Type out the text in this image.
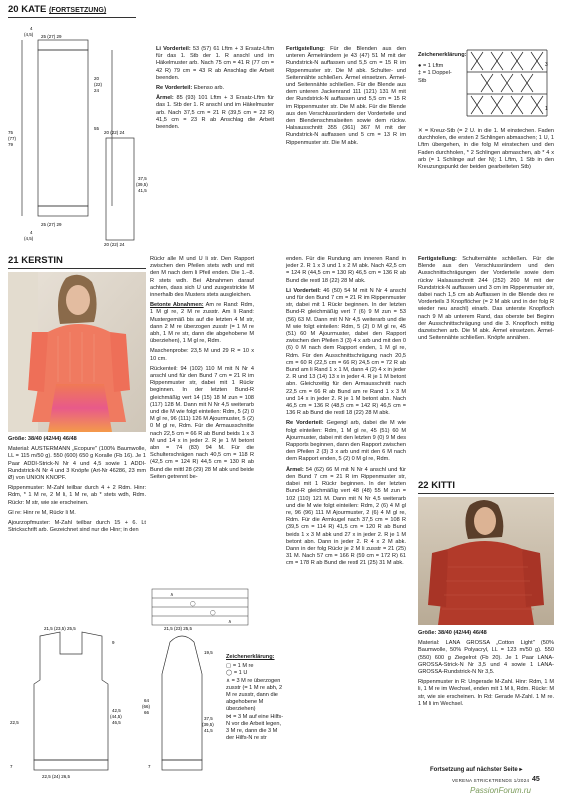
20 KATE (FORTSETZUNG)
4
(4,5) 25 (27) 29
75
(77)
79
55
20
(22)
24
25 (27) 29
4
(4,5)
20 (22) 24
37,5
(39,5)
41,5
20 (22) 24

Li Vorderteil: 53 (57) 61 Lftm + 3 Ersatz-Lftm für das 1. Stb der 1. R anschl und im Häkelmuster arb. Nach 75 cm = 41 R (77 cm = 42 R) 79 cm = 43 R ab Anschlag die Arbeit beenden.

Re Vorderteil: Ebenso arb.

Ärmel: 85 (93) 101 Lftm + 3 Ersatz-Lftm für das 1. Stb der 1. R anschl und im Häkelmuster arb. Nach 37,5 cm = 21 R (39,5 cm = 22 R) 41,5 cm = 23 R ab Anschlag die Arbeit beenden.

Fertigstellung: Für die Blenden aus den unteren Ärmelrändern je 43 (47) 51 M mit der Rundstrick-N auffassen und 5,5 cm = 15 R im Rippenmuster str. Die M abk. Schulter- und Seitennähte schließen. Ärmel einsetzen. Ärmel- und Seitennähte schließen. Für die Blende aus dem unteren Jackenrand 111 (121) 131 M mit der Rundstrick-N auffassen und 5,5 cm = 15 R im Rippenmuster str. Die M abk. Für die Blende aus den Verschlussrändern der Vorderteile und den Blendenschmalseiten sowie dem rückw. Halsausschnitt 355 (361) 367 M mit der Rundstrick-N auffassen und 5 cm = 13 R im Rippenmuster str. Die M abk.

Zeichenerklärung:
● = 1 Lftm
‡ = 1 Doppel-Stb
3
1
✕ = Kreuz-Stb (= 2 U. in die 1. M einstechen. Faden durchholen, die ersten 2 Schlingen abmaschen; 1 U, 1 Lftm übergehen, in die folg M einstechen und den Faden durchholen, * 2 Schlingen abmaschen, ab * 4 x arb (= 1 Schlinge auf der N); 1 Lftm, 1 Stb in den Kreuzungspunkt der beiden gearbeiteten Stb)
21 KERSTIN

Größe: 38/40 (42/44) 46/48

Material: AUSTERMANN „Ecopure" (100% Baumwolle, LL = 115 m/50 g). 550 (600) 650 g Koralle (Fb 16). Je 1 Paar ADDI-Strick-N Nr 4 und 4,5 sowie 1 ADDI-Rundstrick-N Nr 4 und 3 Knöpfe (Art-Nr 46286, 23 mm Ø) von UNION KNOPF.

Rippenmuster: M-Zahl teilbar durch 4 + 2 Rdm. Hinr: Rdm, * 1 M re, 2 M li, 1 M re, ab * stets wdh, Rdm. Rückr: M str, wie sie erscheinen.

Gl re: Hinr re M, Rückr li M.

Ajourzopfmuster: M-Zahl teilbar durch 15 + 6. Lt Strickschrift arb. Gezeichnet sind nur die Hinr; in den

∧
◯
◯
∧

Rückr alle M und U li str. Den Rapport zwischen den Pfeilen stets wdh und mit den M nach dem li Pfeil enden. Die 1.–8. R stets wdh. Bei Abnahmen darauf achten, dass sich U und zusgestrickte M innerhalb des Musters stets ausgleichen.

Betonte Abnahmen: Am re Rand: Rdm, 1 M gl re, 2 M re zusstr. Am li Rand: Mustergemäß bis auf die letzten 4 M str, dann 2 M re überzogen zusstr (= 1 M re abh, 1 M re str, dann die abgehobene M überziehen), 1 M gl re, Rdm.

Maschenprobe: 23,5 M und 29 R = 10 x 10 cm.

Rückenteil: 94 (102) 110 M mit N Nr 4 anschl und für den Bund 7 cm = 21 R im Rippenmuster str, dabei mit 1 Rückr beginnen. In der letzten Bund-R gleichmäßig vert 14 (15) 18 M zun = 108 (117) 128 M. Dann mit N Nr 4,5 weiterarb und die M wie folgt einteilen: Rdm, 5 (2) 0 M gl re, 96 (111) 126 M Ajourmuster, 5 (2) 0 M gl re, Rdm. Für die Armausschnitte nach 22,5 cm = 66 R ab Bund beids 1 x 3 M und 14 x in jeder 2. R je 1 M betont abn = 74 (83) 94 M. Für die Schulterschrägen nach 40,5 cm = 118 R (42,5 cm = 124 R) 44,5 cm = 130 R ab Bund die mittl 28 (29) 28 M abk und beide Seiten getrennt be-

enden. Für die Rundung am inneren Rand in jeder 2. R 1 x 3 und 1 x 2 M abk. Nach 42,5 cm = 124 R (44,5 cm = 130 R) 46,5 cm = 136 R ab Bund die restl 18 (22) 28 M abk.

Li Vorderteil: 46 (50) 54 M mit N Nr 4 anschl und für den Bund 7 cm = 21 R im Rippenmuster str, dabei mit 1 Rückr beginnen. In der letzten Bund-R gleichmäßig vert 7 (6) 9 M zun = 53 (56) 63 M. Dann mit N Nr 4,5 weiterarb und die M wie folgt einteilen: Rdm, 5 (2) 0 M gl re, 45 (51) 60 M Ajourmuster, dabei den Rapport zwischen den Pfeilen 3 (3) 4 x arb und mit den 0 (6) 0 M nach dem Rapport enden, 1 M gl re, Rdm. Für den Ausschnittschrägung nach 20,5 cm = 60 R (22,5 cm = 66 R) 24,5 cm = 72 R ab Bund am li Rand 1 x 1 M, dann 4 (2) 4 x in jeder 2. R und 13 (14) 13 x in jeder 4. R je 1 M betont abn. Gleichzeitig für den Armausschnitt nach 22,5 cm = 66 R ab Bund am re Rand 1 x 3 M und 14 x in jeder 2. R je 1 M betont abn. Nach 46,5 cm = 136 R (48,5 cm = 142 R) 46,5 cm = 136 R ab Bund die restl 18 (22) 28 M abk.

Re Vorderteil: Gegengl arb, dabei die M wie folgt einteilen: Rdm, 1 M gl re, 45 (51) 60 M Ajourmuster, dabei mit den letzten 9 (0) 9 M des Rapports beginnen, dann den Rapport zwischen den Pfeilen 2 (3) 3 x arb und mit den 6 M nach dem Rapport enden, 5 (2) 0 M gl re, Rdm.

Ärmel: 54 (62) 66 M mit N Nr 4 anschl und für den Bund 7 cm = 21 R im Rippenmuster str, dabei mit 1 Rückr beginnen. In der letzten Bund-R gleichmäßig vert 48 (48) 55 M zun = 102 (110) 121 M. Dann mit N Nr 4,5 weiterarb und die M wie folgt einteilen: Rdm, 2 (6) 4 M gl re, 96 (96) 111 M Ajourmuster, 2 (6) 4 M gl re, Rdm. Für die Armkugel nach 37,5 cm = 108 R (39,5 cm = 114 R) 41,5 cm = 120 R ab Bund beids 1 x 3 M abk und 27 x in jeder 2. R je 1 M betont abn. Dann in jeder 2. R 4 x 2 M abk. Dann in der folg Rückr je 2 M li zusstr = 21 (25) 31 M. Nach 57 cm = 166 R (59 cm = 172 R) 61 cm = 178 R ab Bund die restl 21 (25) 31 M abk.

Fertigstellung: Schulternähte schließen. Für die Blende aus den Verschlussrändern und den Ausschnittschrägungen der Vorderteile sowie dem rückw Halsausschnitt 244 (252) 260 M mit der Rundstrick-N auffassen und 3 cm im Rippenmuster str, dabei nach 1,5 cm ab Auffassen in die Blende des re Vorderteils 3 Knopflöcher (= 2 M abk und in der folg R wieder neu anschl) einarb. Das unterste Knopfloch nach 9 M ab unterem Rand, das oberste bei Beginn der Ausschnittschrägung und die 3. Knopfloch mittig dazwischen arb. Die M abk. Ärmel einsetzen. Ärmel- und Seitennähte schließen. Knöpfe annähen.

21,5 (23,5) 25,5
9
42,5
(44,5)
46,5
22,5
7
22,5 (24) 26,5
21,5 (23) 25,5
19,5
37,5
(39,5)
41,5
7
64
(66)
66
Zeichenerklärung:
▢ = 1 M re
◯ = 1 U
∧ = 3 M re überzogen zusstr (= 1 M re abh, 2 M re zusstr, dann die abgehobene M überziehen)
⋈ = 3 M auf eine Hilfs-N vor die Arbeit legen, 3 M re, dann die 3 M der Hilfs-N re str
22 KITTI

Größe: 38/40 (42/44) 46/48

Material: LANA GROSSA „Cotton Light" (50% Baumwolle, 50% Polyacryl, LL = 123 m/50 g). 550 (550) 600 g Ziegelrot (Fb 20). Je 1 Paar LANA-GROSSA-Strick-N Nr 3,5 und 4 sowie 1 LANA-GROSSA-Rundstrick-N Nr 3,5.

Rippenmuster in R: Ungerade M-Zahl. Hinr: Rdm, 1 M li, 1 M re im Wechsel, enden mit 1 M li, Rdm. Rückr: M str, wie sie erscheinen. In Rd: Gerade M-Zahl. 1 M re. 1 M li im Wechsel.

Fortsetzung auf nächster Seite ▸
VERENA STRICKTRENDS 1/2024 45
PassionForum.ru
